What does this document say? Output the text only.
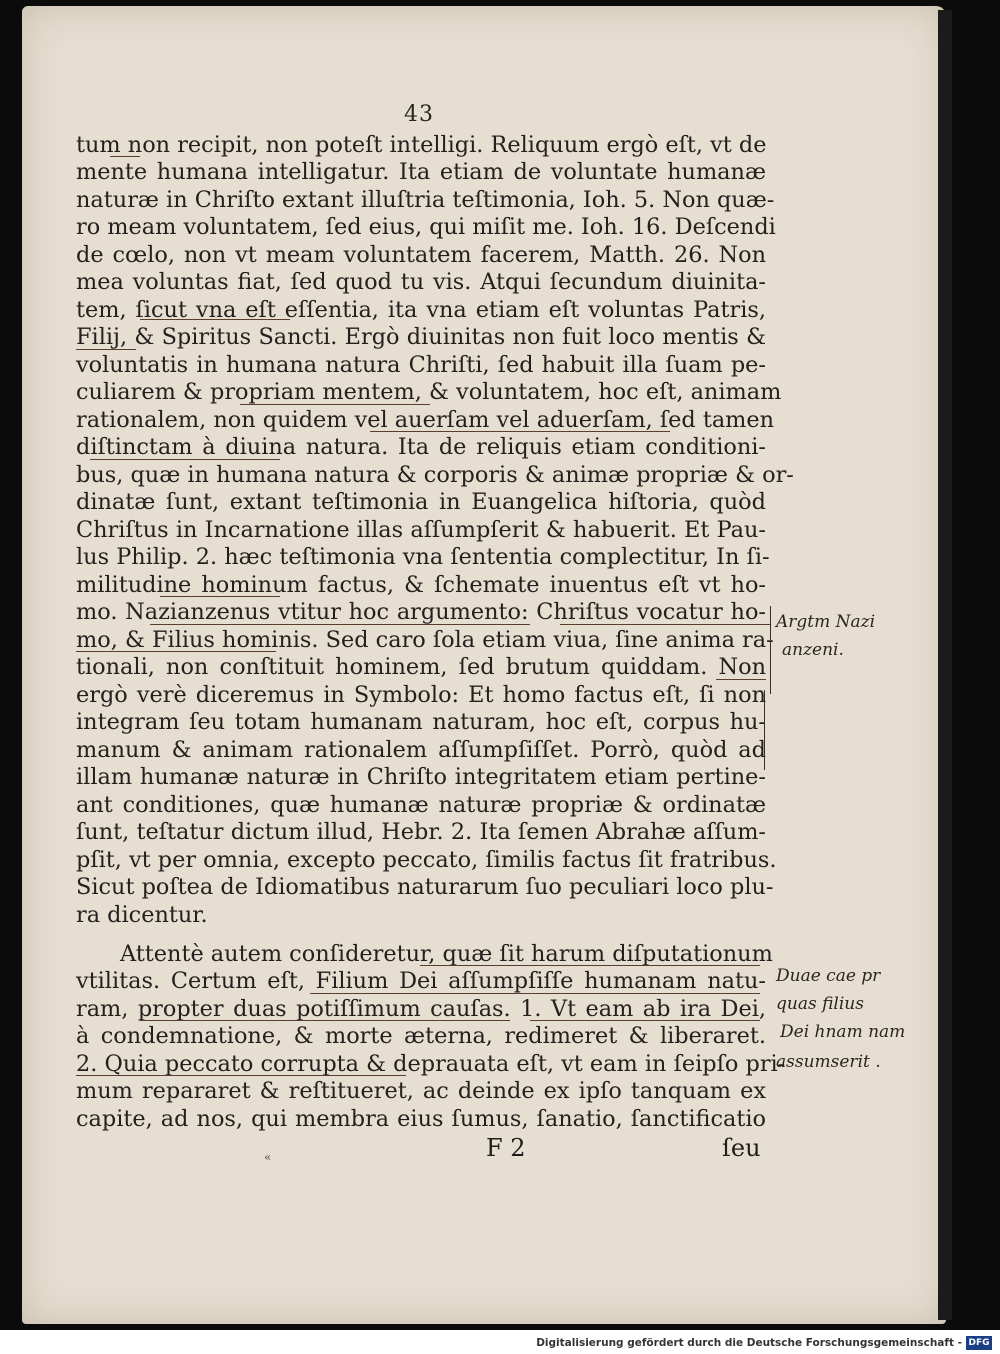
43
tum non recipit, non poteſt intelligi. Reliquum ergò eſt, vt de
mente humana intelligatur. Ita etiam de voluntate humanæ
naturæ in Chriſto extant illuſtria teſtimonia, Ioh. 5. Non quæ-
ro meam voluntatem, ſed eius, qui miſit me. Ioh. 16. Deſcendi
de cœlo, non vt meam voluntatem facerem, Matth. 26. Non
mea voluntas fiat, ſed quod tu vis. Atqui ſecundum diuinita-
tem, ſicut vna eſt eſſentia, ita vna etiam eſt voluntas Patris,
Filij, & Spiritus Sancti. Ergò diuinitas non fuit loco mentis &
voluntatis in humana natura Chriſti, ſed habuit illa ſuam pe-
culiarem & propriam mentem, & voluntatem, hoc eſt, animam
rationalem, non quidem vel auerſam vel aduerſam, ſed tamen
diſtinctam à diuina natura. Ita de reliquis etiam conditioni-
bus, quæ in humana natura & corporis & animæ propriæ & or-
dinatæ ſunt, extant teſtimonia in Euangelica hiſtoria, quòd
Chriſtus in Incarnatione illas aſſumpſerit & habuerit. Et Pau-
lus Philip. 2. hæc teſtimonia vna ſententia complectitur, In ſi-
militudine hominum factus, & ſchemate inuentus eſt vt ho-
mo. Nazianzenus vtitur hoc argumento: Chriſtus vocatur ho-
mo, & Filius hominis. Sed caro ſola etiam viua, ſine anima ra-
tionali, non conſtituit hominem, ſed brutum quiddam. Non
ergò verè diceremus in Symbolo: Et homo factus eſt, ſi non
integram ſeu totam humanam naturam, hoc eſt, corpus hu-
manum & animam rationalem aſſumpſiſſet. Porrò, quòd ad
illam humanæ naturæ in Chriſto integritatem etiam pertine-
ant conditiones, quæ humanæ naturæ propriæ & ordinatæ
ſunt, teſtatur dictum illud, Hebr. 2. Ita ſemen Abrahæ aſſum-
pſit, vt per omnia, excepto peccato, ſimilis factus ſit fratribus.
Sicut poſtea de Idiomatibus naturarum ſuo peculiari loco plu-
ra dicentur.
Attentè autem conſideretur, quæ ſit harum diſputationum
vtilitas. Certum eſt, Filium Dei aſſumpſiſſe humanam natu-
ram, propter duas potiſſimum cauſas. 1. Vt eam ab ira Dei,
à condemnatione, & morte æterna, redimeret & liberaret.
2. Quia peccato corrupta & deprauata eſt, vt eam in ſeipſo pri-
mum repararet & reſtitueret, ac deinde ex ipſo tanquam ex
capite, ad nos, qui membra eius ſumus, ſanatio, ſanctificatio
Argtm Nazi
anzeni.
Duae cae pr
quas filius
Dei hnam nam
assumserit .
«	F 2	ſeu
Digitalisierung gefördert durch die Deutsche Forschungsgemeinschaft - DFG
